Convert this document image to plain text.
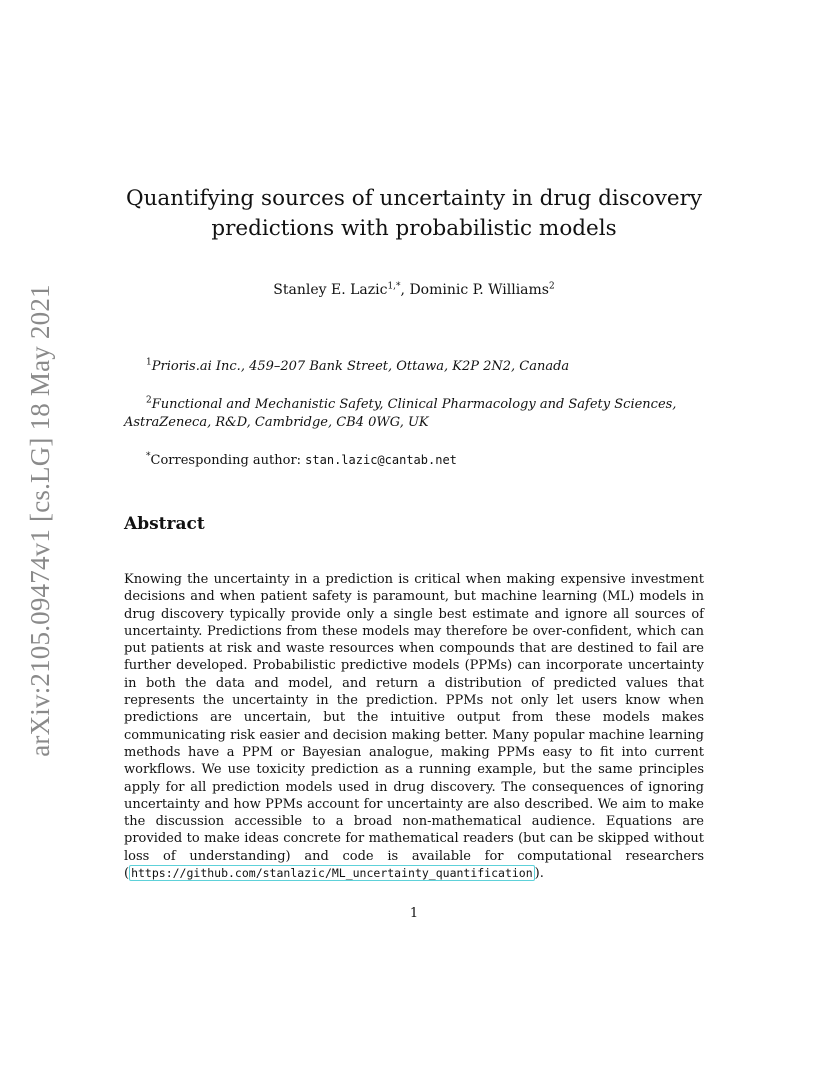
arXiv:2105.09474v1 [cs.LG] 18 May 2021
Quantifying sources of uncertainty in drug discovery
predictions with probabilistic models
Stanley E. Lazic$^{1,*}$, Dominic P. Williams$^2$
$^1$Prioris.ai Inc., 459–207 Bank Street, Ottawa, K2P 2N2, Canada
$^2$Functional and Mechanistic Safety, Clinical Pharmacology and Safety Sciences, AstraZeneca, R&D, Cambridge, CB4 0WG, UK
*Corresponding author: stan.lazic@cantab.net
Abstract

Knowing the uncertainty in a prediction is critical when making expensive investment decisions and when patient safety is paramount, but machine learning (ML) models in drug discovery typically provide only a single best estimate and ignore all sources of uncertainty. Predictions from these models may therefore be over-confident, which can put patients at risk and waste resources when compounds that are destined to fail are further developed. Probabilistic predictive models (PPMs) can incorporate uncertainty in both the data and model, and return a distribution of predicted values that represents the uncertainty in the prediction. PPMs not only let users know when predictions are uncertain, but the intuitive output from these models makes communicating risk easier and decision making better. Many popular machine learning methods have a PPM or Bayesian analogue, making PPMs easy to fit into current workflows. We use toxicity prediction as a running example, but the same principles apply for all prediction models used in drug discovery. The consequences of ignoring uncertainty and how PPMs account for uncertainty are also described. We aim to make the discussion accessible to a broad non-mathematical audience. Equations are provided to make ideas concrete for mathematical readers (but can be skipped without loss of understanding) and code is available for computational researchers ( https://github.com/stanlazic/ML_uncertainty_quantification ).

1
